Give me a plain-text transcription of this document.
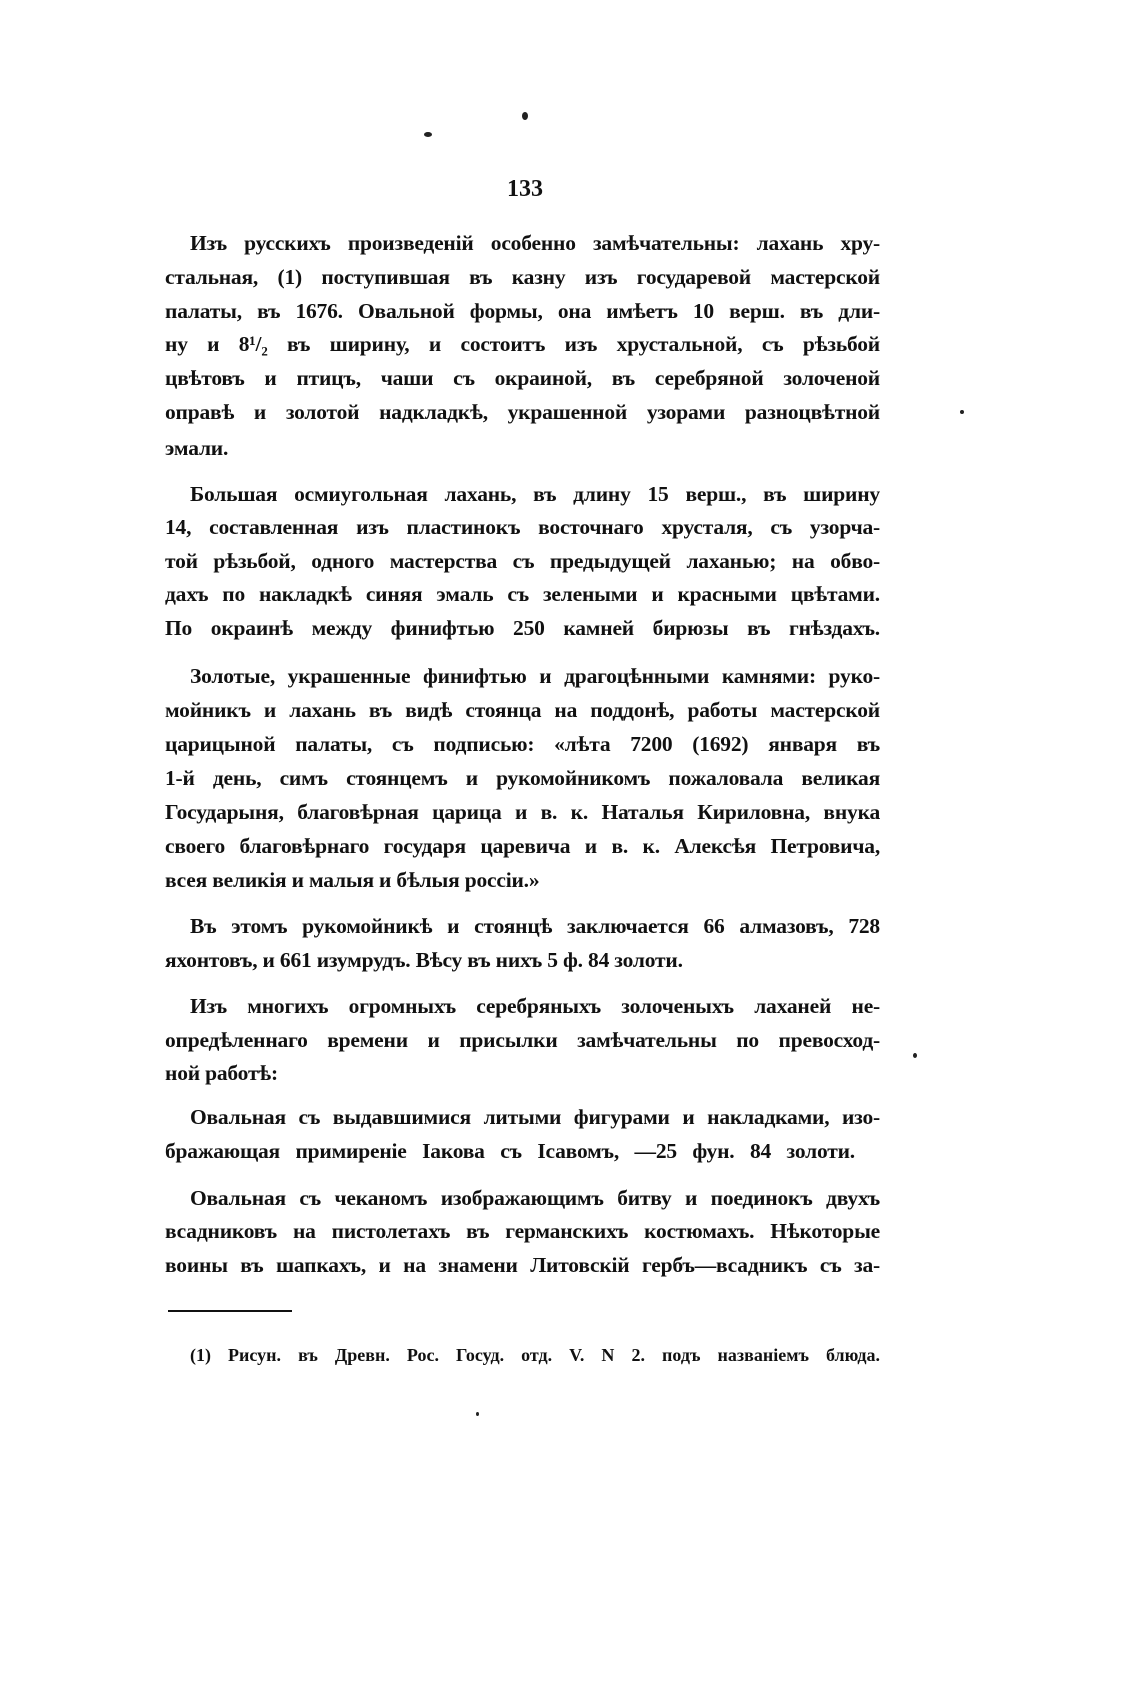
133
Изъ русскихъ произведеній особенно замѣчательны: лахань хру-
стальная, (1) поступившая въ казну изъ государевой мастерской
палаты, въ 1676. Овальной формы, она имѣетъ 10 верш. въ дли-
ну и 8¹/₂ въ ширину, и состоитъ изъ хрустальной, съ рѣзьбой
цвѣтовъ и птицъ, чаши съ окраиной, въ серебряной золоченой
оправѣ и золотой надкладкѣ, украшенной узорами разноцвѣтной
эмали.
Большая осмиугольная лахань, въ длину 15 верш., въ ширину
14, составленная изъ пластинокъ восточнаго хрусталя, съ узорча-
той рѣзьбой, одного мастерства съ предыдущей лаханью; на обво-
дахъ по накладкѣ синяя эмаль съ зелеными и красными цвѣтами.
По окраинѣ между финифтью 250 камней бирюзы въ гнѣздахъ.
Золотые, украшенные финифтью и драгоцѣнными камнями: руко-
мойникъ и лахань въ видѣ стоянца на поддонѣ, работы мастерской
царицыной палаты, съ подписью: «лѣта 7200 (1692) января въ
1-й день, симъ стоянцемъ и рукомойникомъ пожаловала великая
Государыня, благовѣрная царица и в. к. Наталья Кириловна, внука
своего благовѣрнаго государя царевича и в. к. Алексѣя Петровича,
всея великія и малыя и бѣлыя россіи.»
Въ этомъ рукомойникѣ и стоянцѣ заключается 66 алмазовъ, 728
яхонтовъ, и 661 изумрудъ. Вѣсу въ нихъ 5 ф. 84 золоти.
Изъ многихъ огромныхъ серебряныхъ золоченыхъ лаханей не-
опредѣленнаго времени и присылки замѣчательны по превосход-
ной работѣ:
Овальная съ выдавшимися литыми фигурами и накладками, изо-
бражающая примиреніе Іакова съ Ісавомъ, —25 фун. 84 золоти.
Овальная съ чеканомъ изображающимъ битву и поединокъ двухъ
всадниковъ на пистолетахъ въ германскихъ костюмахъ. Нѣкоторые
воины въ шапкахъ, и на знамени Литовскій гербъ—всадникъ съ за-
(1) Рисун. въ Древн. Рос. Госуд. отд. V. N 2. подъ названіемъ блюда.
